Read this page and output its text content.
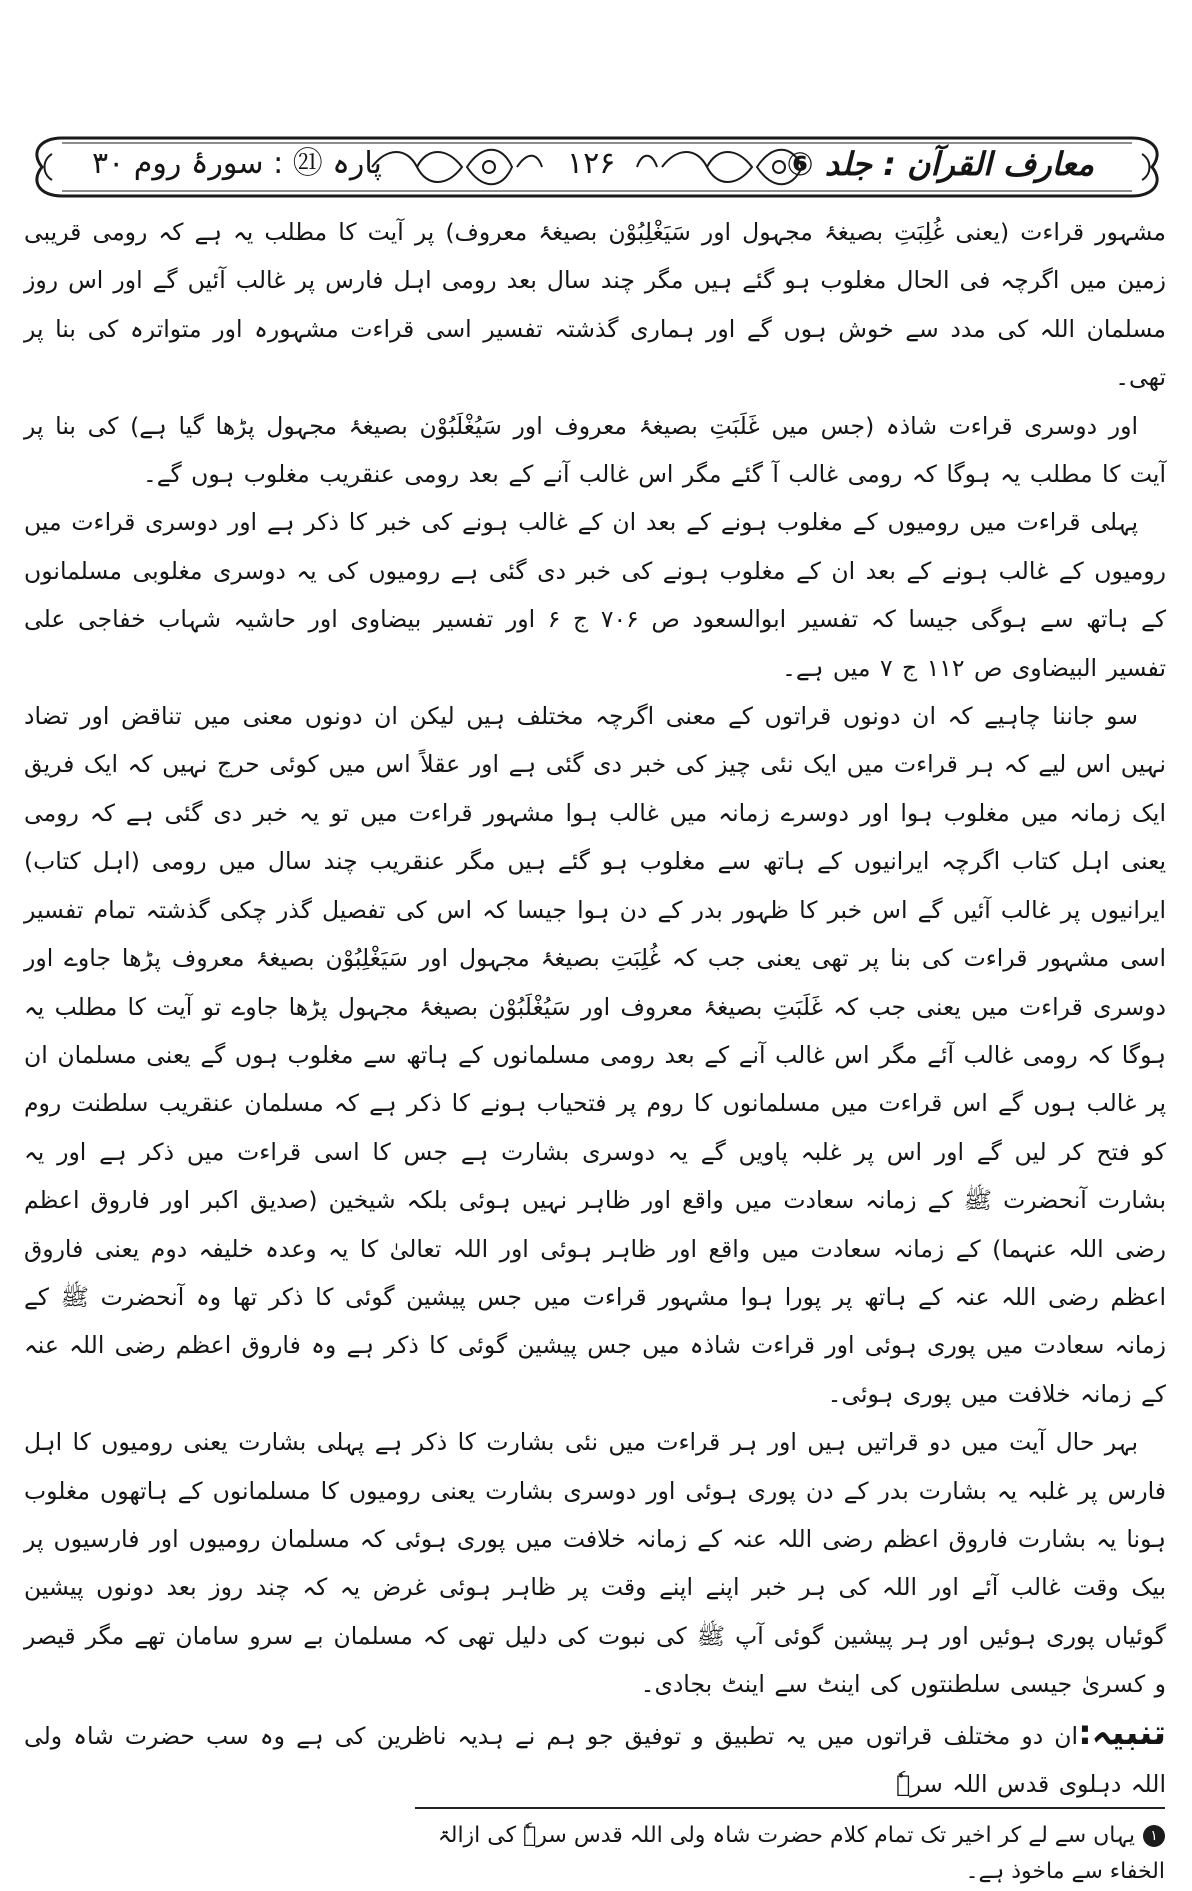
پارہ ㉑ : سورۂ روم ۳۰	۱۲۶	معارف القرآن : جلد ⑥

مشہور قراءت (یعنی غُلِبَتِ بصیغۂ مجہول اور سَیَغْلِبُوْن بصیغۂ معروف) پر آیت کا مطلب یہ ہے کہ رومی قریبی زمین میں اگرچہ فی الحال مغلوب ہو گئے ہیں مگر چند سال بعد رومی اہل فارس پر غالب آئیں گے اور اس روز مسلمان اللہ کی مدد سے خوش ہوں گے اور ہماری گذشتہ تفسیر اسی قراءت مشہورہ اور متواترہ کی بنا پر تھی۔

اور دوسری قراءت شاذہ (جس میں غَلَبَتِ بصیغۂ معروف اور سَیُغْلَبُوْن بصیغۂ مجہول پڑھا گیا ہے) کی بنا پر آیت کا مطلب یہ ہوگا کہ رومی غالب آ گئے مگر اس غالب آنے کے بعد رومی عنقریب مغلوب ہوں گے۔

پہلی قراءت میں رومیوں کے مغلوب ہونے کے بعد ان کے غالب ہونے کی خبر کا ذکر ہے اور دوسری قراءت میں رومیوں کے غالب ہونے کے بعد ان کے مغلوب ہونے کی خبر دی گئی ہے رومیوں کی یہ دوسری مغلوبی مسلمانوں کے ہاتھ سے ہوگی جیسا کہ تفسیر ابوالسعود ص ۷۰۶ ج ۶ اور تفسیر بیضاوی اور حاشیہ شہاب خفاجی علی تفسیر البیضاوی ص ۱۱۲ ج ۷ میں ہے۔

سو جاننا چاہیے کہ ان دونوں قراتوں کے معنی اگرچہ مختلف ہیں لیکن ان دونوں معنی میں تناقض اور تضاد نہیں اس لیے کہ ہر قراءت میں ایک نئی چیز کی خبر دی گئی ہے اور عقلاً اس میں کوئی حرج نہیں کہ ایک فریق ایک زمانہ میں مغلوب ہوا اور دوسرے زمانہ میں غالب ہوا مشہور قراءت میں تو یہ خبر دی گئی ہے کہ رومی یعنی اہل کتاب اگرچہ ایرانیوں کے ہاتھ سے مغلوب ہو گئے ہیں مگر عنقریب چند سال میں رومی (اہل کتاب) ایرانیوں پر غالب آئیں گے اس خبر کا ظہور بدر کے دن ہوا جیسا کہ اس کی تفصیل گذر چکی گذشتہ تمام تفسیر اسی مشہور قراءت کی بنا پر تھی یعنی جب کہ غُلِبَتِ بصیغۂ مجہول اور سَیَغْلِبُوْن بصیغۂ معروف پڑھا جاوے اور دوسری قراءت میں یعنی جب کہ غَلَبَتِ بصیغۂ معروف اور سَیُغْلَبُوْن بصیغۂ مجہول پڑھا جاوے تو آیت کا مطلب یہ ہوگا کہ رومی غالب آئے مگر اس غالب آنے کے بعد رومی مسلمانوں کے ہاتھ سے مغلوب ہوں گے یعنی مسلمان ان پر غالب ہوں گے اس قراءت میں مسلمانوں کا روم پر فتحیاب ہونے کا ذکر ہے کہ مسلمان عنقریب سلطنت روم کو فتح کر لیں گے اور اس پر غلبہ پاویں گے یہ دوسری بشارت ہے جس کا اسی قراءت میں ذکر ہے اور یہ بشارت آنحضرت ﷺ کے زمانہ سعادت میں واقع اور ظاہر نہیں ہوئی بلکہ شیخین (صدیق اکبر اور فاروق اعظم رضی اللہ عنہما) کے زمانہ سعادت میں واقع اور ظاہر ہوئی اور اللہ تعالیٰ کا یہ وعدہ خلیفہ دوم یعنی فاروق اعظم رضی اللہ عنہ کے ہاتھ پر پورا ہوا مشہور قراءت میں جس پیشین گوئی کا ذکر تھا وہ آنحضرت ﷺ کے زمانہ سعادت میں پوری ہوئی اور قراءت شاذہ میں جس پیشین گوئی کا ذکر ہے وہ فاروق اعظم رضی اللہ عنہ کے زمانہ خلافت میں پوری ہوئی۔

بہر حال آیت میں دو قراتیں ہیں اور ہر قراءت میں نئی بشارت کا ذکر ہے پہلی بشارت یعنی رومیوں کا اہل فارس پر غلبہ یہ بشارت بدر کے دن پوری ہوئی اور دوسری بشارت یعنی رومیوں کا مسلمانوں کے ہاتھوں مغلوب ہونا یہ بشارت فاروق اعظم رضی اللہ عنہ کے زمانہ خلافت میں پوری ہوئی کہ مسلمان رومیوں اور فارسیوں پر بیک وقت غالب آئے اور اللہ کی ہر خبر اپنے اپنے وقت پر ظاہر ہوئی غرض یہ کہ چند روز بعد دونوں پیشین گوئیاں پوری ہوئیں اور ہر پیشین گوئی آپ ﷺ کی نبوت کی دلیل تھی کہ مسلمان بے سرو سامان تھے مگر قیصر و کسریٰ جیسی سلطنتوں کی اینٹ سے اینٹ بجادی۔

تنبیہ:ان دو مختلف قراتوں میں یہ تطبیق و توفیق جو ہم نے ہدیہ ناظرین کی ہے وہ سب حضرت شاہ ولی اللہ دہلوی قدس اللہ سرہٗ

۱یہاں سے لے کر اخیر تک تمام کلام حضرت شاہ ولی اللہ قدس سرہٗ کی ازالۃ الخفاء سے ماخوذ ہے۔
